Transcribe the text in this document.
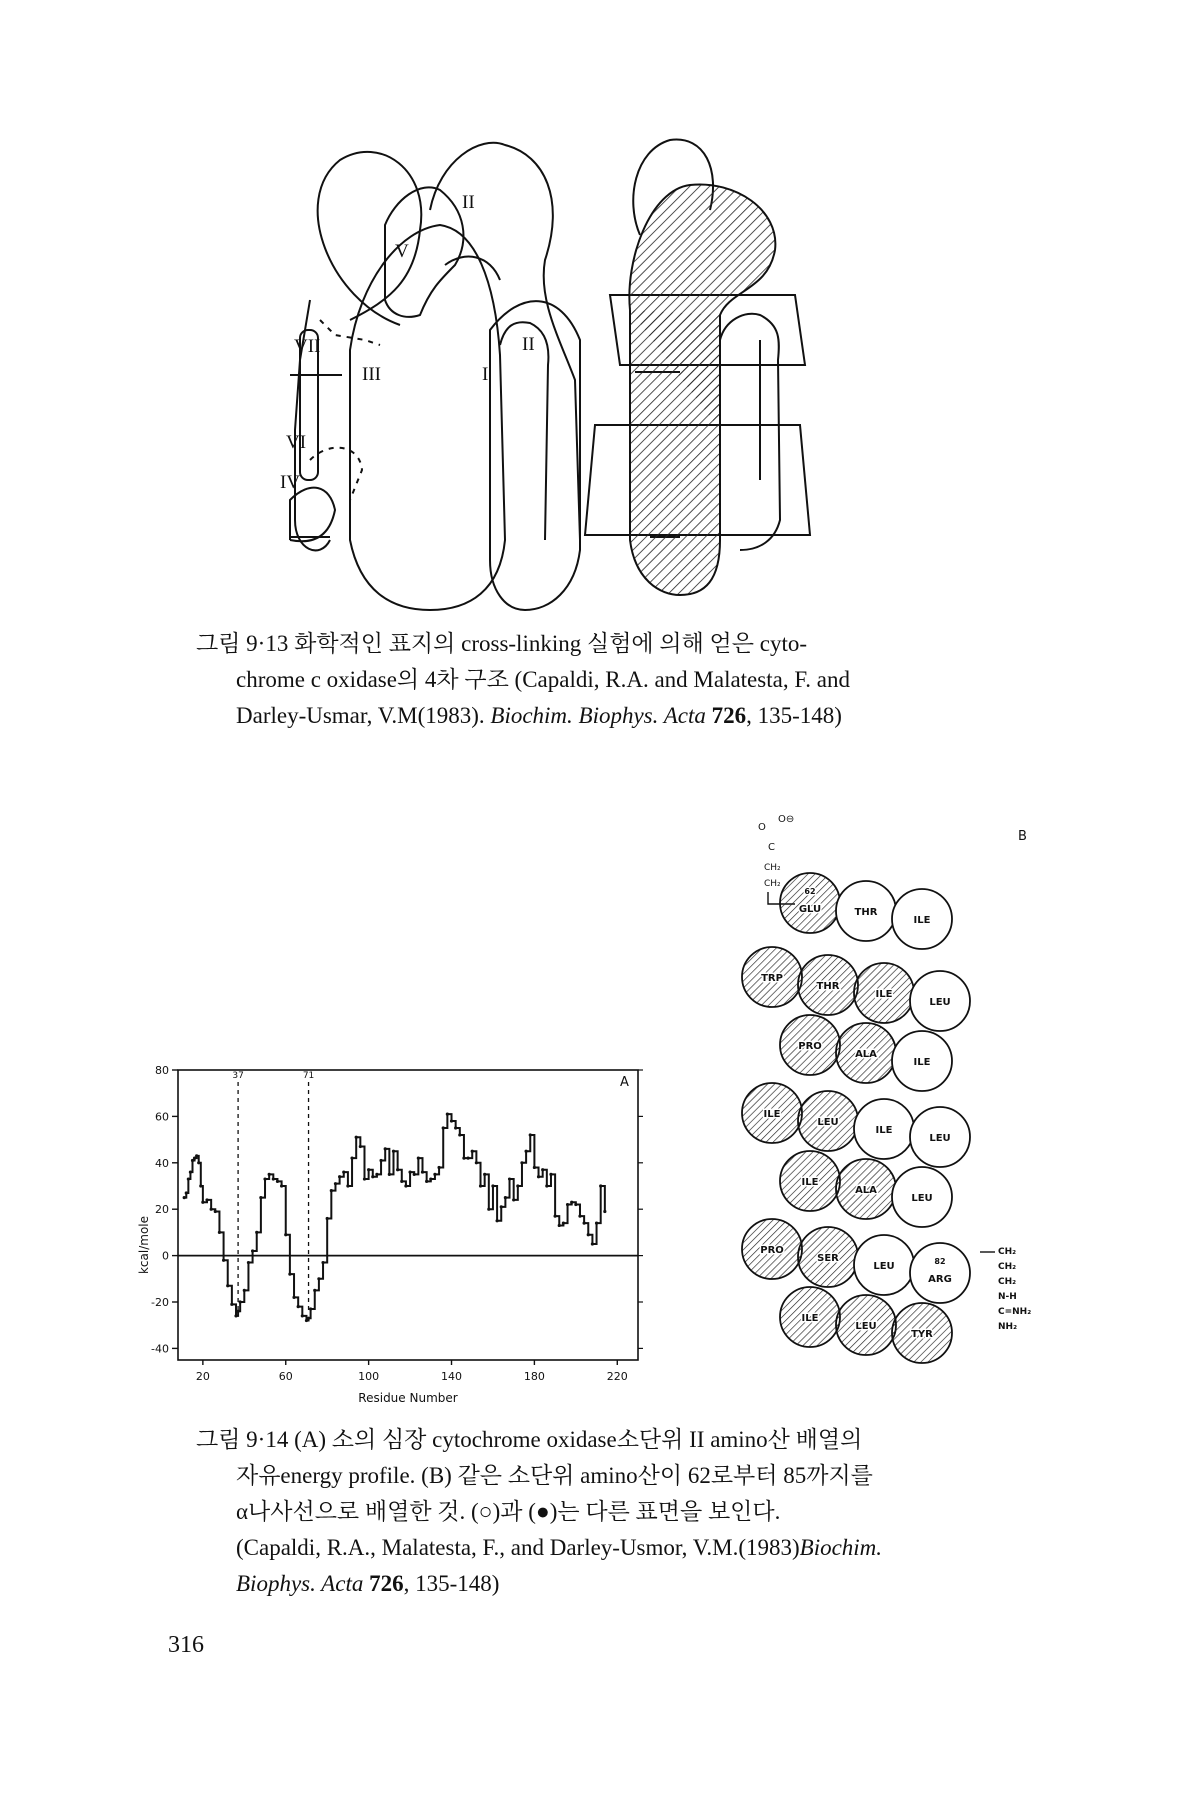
II
V
VII
III	I
II
VI
IV
그림 9·13 화학적인 표지의 cross-linking 실험에 의해 얻은 cyto-
chrome c oxidase의 4차 구조 (Capaldi, R.A. and Malatesta, F. and
Darley-Usmar, V.M(1983). Biochim. Biophys. Acta 726, 135-148)
-40
-20
0
20
40
60
80
20	60	100	140	180	220
Residue Number
kcal/mole
A
37	71
B
O
O⊖
C
CH₂
CH₂
GLU
62
THR
ILE
TRP
THR
ILE
LEU
PRO
ALA
ILE
ILE
LEU
ILE
LEU
ILE
ALA
LEU
PRO
SER
LEU
ARG
82
ILE
LEU
TYR
CH₂
CH₂
CH₂
N-H
C=NH₂
NH₂
그림 9·14 (A) 소의 심장 cytochrome oxidase소단위 II amino산 배열의
자유energy profile. (B) 같은 소단위 amino산이 62로부터 85까지를
α나사선으로 배열한 것. (○)과 (●)는 다른 표면을 보인다.
(Capaldi, R.A., Malatesta, F., and Darley-Usmor, V.M.(1983)Biochim.
Biophys. Acta 726, 135-148)
316
